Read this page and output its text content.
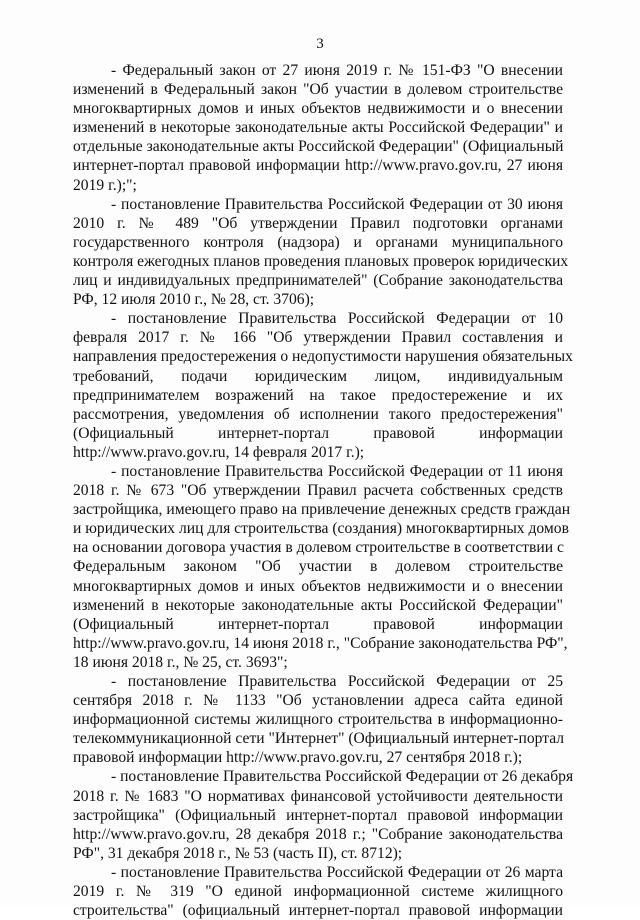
3
- Федеральный закон от 27 июня 2019 г. № 151-ФЗ "О внесении
изменений в Федеральный закон "Об участии в долевом строительстве
многоквартирных домов и иных объектов недвижимости и о внесении
изменений в некоторые законодательные акты Российской Федерации" и
отдельные законодательные акты Российской Федерации" (Официальный
интернет-портал правовой информации http://www.pravo.gov.ru, 27 июня
2019 г.);";
- постановление Правительства Российской Федерации от 30 июня
2010 г. № 489 "Об утверждении Правил подготовки органами
государственного контроля (надзора) и органами муниципального
контроля ежегодных планов проведения плановых проверок юридических
лиц и индивидуальных предпринимателей" (Собрание законодательства
РФ, 12 июля 2010 г., № 28, ст. 3706);
- постановление Правительства Российской Федерации от 10
февраля 2017 г. № 166 "Об утверждении Правил составления и
направления предостережения о недопустимости нарушения обязательных
требований, подачи юридическим лицом, индивидуальным
предпринимателем возражений на такое предостережение и их
рассмотрения, уведомления об исполнении такого предостережения"
(Официальный интернет-портал правовой информации
http://www.pravo.gov.ru, 14 февраля 2017 г.);
- постановление Правительства Российской Федерации от 11 июня
2018 г. № 673 "Об утверждении Правил расчета собственных средств
застройщика, имеющего право на привлечение денежных средств граждан
и юридических лиц для строительства (создания) многоквартирных домов
на основании договора участия в долевом строительстве в соответствии с
Федеральным законом "Об участии в долевом строительстве
многоквартирных домов и иных объектов недвижимости и о внесении
изменений в некоторые законодательные акты Российской Федерации"
(Официальный интернет-портал правовой информации
http://www.pravo.gov.ru, 14 июня 2018 г., "Собрание законодательства РФ",
18 июня 2018 г., № 25, ст. 3693";
- постановление Правительства Российской Федерации от 25
сентября 2018 г. № 1133 "Об установлении адреса сайта единой
информационной системы жилищного строительства в информационно-
телекоммуникационной сети "Интернет" (Официальный интернет-портал
правовой информации http://www.pravo.gov.ru, 27 сентября 2018 г.);
- постановление Правительства Российской Федерации от 26 декабря
2018 г. № 1683 "О нормативах финансовой устойчивости деятельности
застройщика" (Официальный интернет-портал правовой информации
http://www.pravo.gov.ru, 28 декабря 2018 г.; "Собрание законодательства
РФ", 31 декабря 2018 г., № 53 (часть II), ст. 8712);
- постановление Правительства Российской Федерации от 26 марта
2019 г. № 319 "О единой информационной системе жилищного
строительства" (официальный интернет-портал правовой информации
